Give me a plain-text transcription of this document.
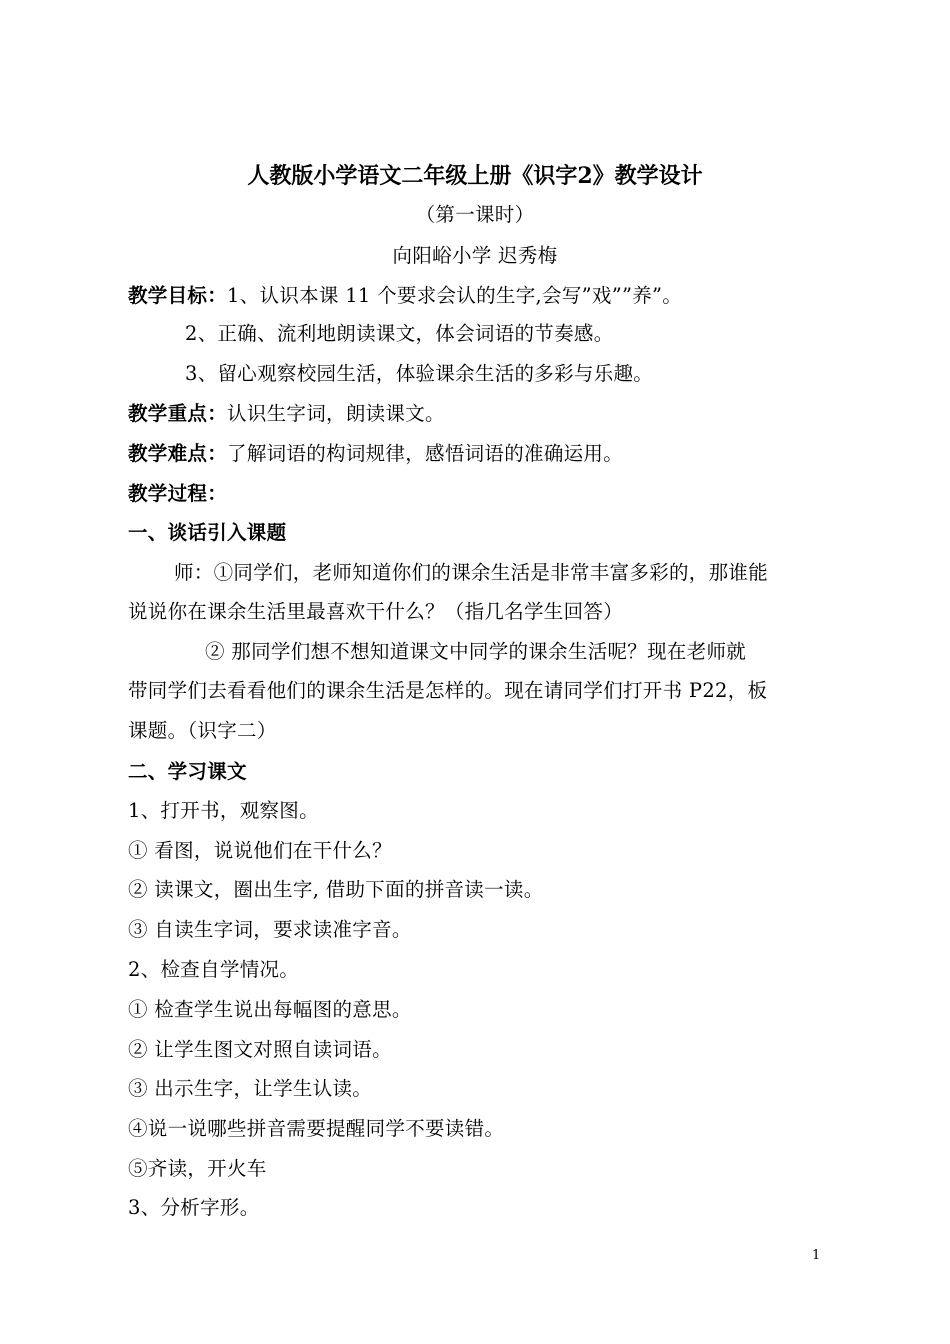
人教版小学语文二年级上册《识字2》教学设计
（第一课时）
向阳峪小学 迟秀梅
教学目标：1、认识本课 11 个要求会认的生字,会写”戏””养”。
2、正确、流利地朗读课文，体会词语的节奏感。
3、留心观察校园生活，体验课余生活的多彩与乐趣。
教学重点：认识生字词，朗读课文。
教学难点：了解词语的构词规律，感悟词语的准确运用。
教学过程：
一、谈话引入课题
师：①同学们，老师知道你们的课余生活是非常丰富多彩的，那谁能
说说你在课余生活里最喜欢干什么？（指几名学生回答）
② 那同学们想不想知道课文中同学的课余生活呢？现在老师就
带同学们去看看他们的课余生活是怎样的。现在请同学们打开书 P22，板
课题。（识字二）
二、学习课文
1、打开书，观察图。
① 看图，说说他们在干什么？
② 读课文，圈出生字, 借助下面的拼音读一读。
③ 自读生字词，要求读准字音。
2、检查自学情况。
① 检查学生说出每幅图的意思。
② 让学生图文对照自读词语。
③ 出示生字，让学生认读。
④说一说哪些拼音需要提醒同学不要读错。
⑤齐读，开火车
3、分析字形。
1
